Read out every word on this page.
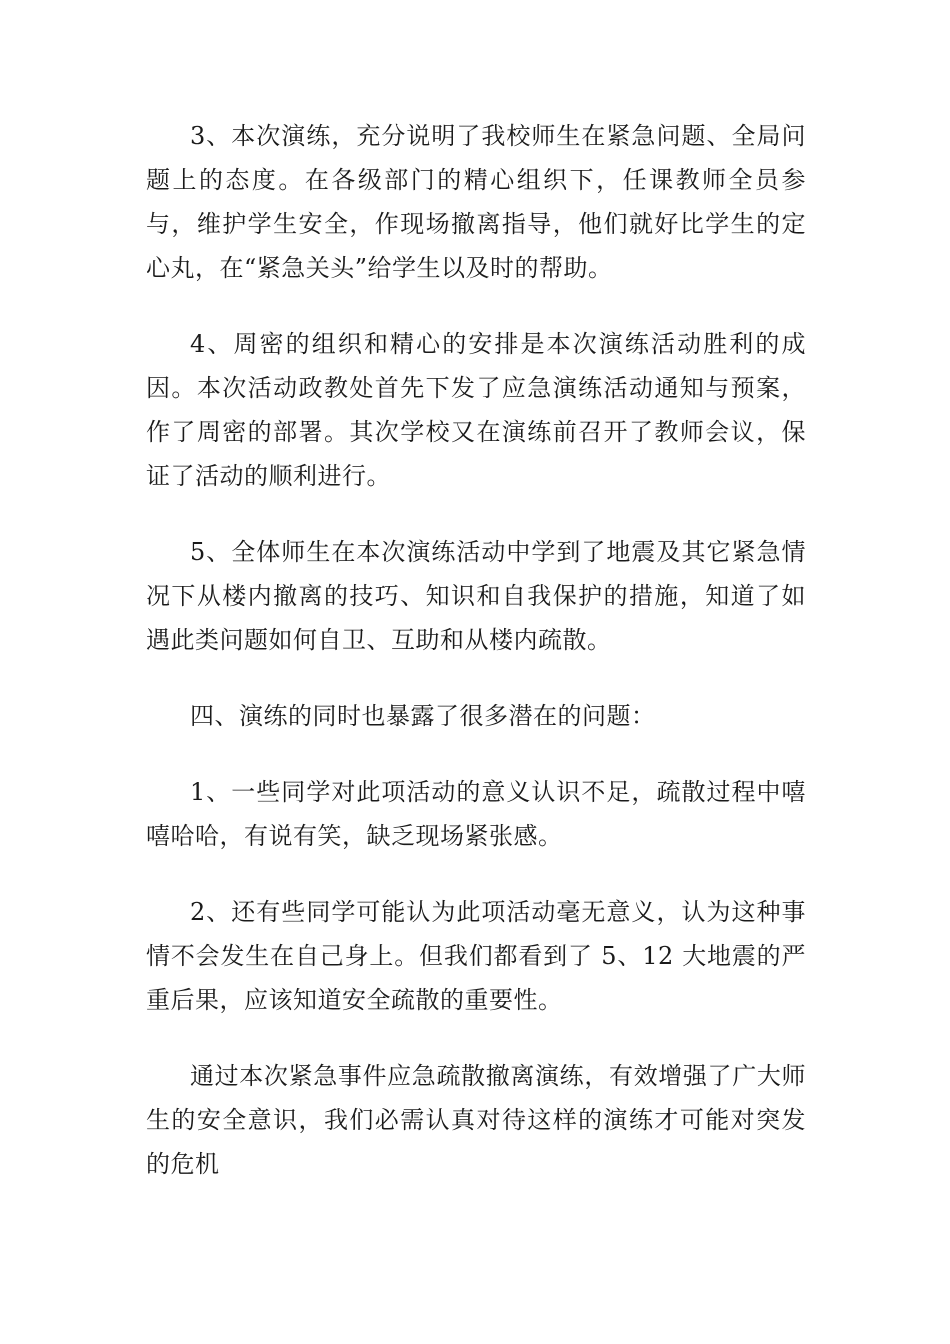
3、本次演练，充分说明了我校师生在紧急问题、全局问题上的态度。在各级部门的精心组织下，任课教师全员参与，维护学生安全，作现场撤离指导，他们就好比学生的定心丸，在“紧急关头”给学生以及时的帮助。

4、周密的组织和精心的安排是本次演练活动胜利的成因。本次活动政教处首先下发了应急演练活动通知与预案，作了周密的部署。其次学校又在演练前召开了教师会议，保证了活动的顺利进行。

5、全体师生在本次演练活动中学到了地震及其它紧急情况下从楼内撤离的技巧、知识和自我保护的措施，知道了如遇此类问题如何自卫、互助和从楼内疏散。

四、演练的同时也暴露了很多潜在的问题：

1、一些同学对此项活动的意义认识不足，疏散过程中嘻嘻哈哈，有说有笑，缺乏现场紧张感。

2、还有些同学可能认为此项活动毫无意义，认为这种事情不会发生在自己身上。但我们都看到了 5、12 大地震的严重后果，应该知道安全疏散的重要性。

通过本次紧急事件应急疏散撤离演练，有效增强了广大师生的安全意识，我们必需认真对待这样的演练才可能对突发的危机
